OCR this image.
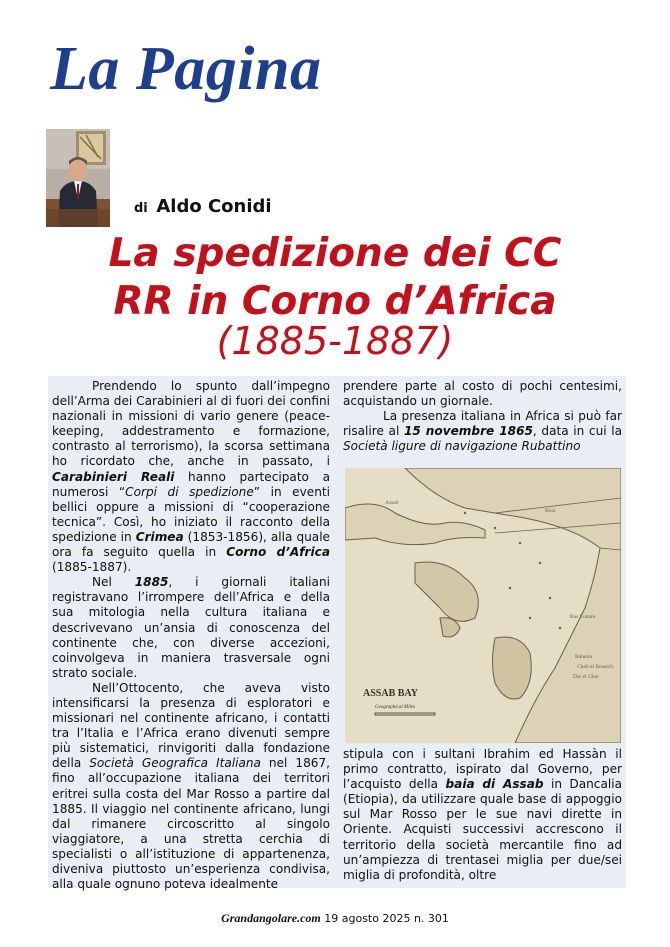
La Pagina
di Aldo Conidi
La spedizione dei CC
RR in Corno d’Africa
(1885-1887)

Prendendo lo spunto dall’impegno dell’Arma dei Carabinieri al di fuori dei confini nazionali in missioni di vario genere (peace-keeping, addestramento e formazione, contrasto al terrorismo), la scorsa settimana ho ricordato che, anche in passato, i Carabinieri Reali hanno partecipato a numerosi “Corpi di spedizione” in eventi bellici oppure a missioni di “cooperazione tecnica”. Così, ho iniziato il racconto della spedizione in Crimea (1853-1856), alla quale ora fa seguito quella in Corno d’Africa (1885-1887).

Nel 1885, i giornali italiani registravano l’irrompere dell’Africa e della sua mitologia nella cultura italiana e descrivevano un’ansia di conoscenza del continente che, con diverse accezioni, coinvolgeva in maniera trasversale ogni strato sociale.

Nell’Ottocento, che aveva visto intensificarsi la presenza di esploratori e missionari nel continente africano, i contatti tra l’Italia e l’Africa erano divenuti sempre più sistematici, rinvigoriti dalla fondazione della Società Geografica Italiana nel 1867, fino all’occupazione italiana dei territori eritrei sulla costa del Mar Rosso a partire dal 1885. Il viaggio nel continente africano, lungi dal rimanere circoscritto al singolo viaggiatore, a una stretta cerchia di specialisti o all’istituzione di appartenenza, diveniva piuttosto un’esperienza condivisa, alla quale ognuno poteva idealmente

prendere parte al costo di pochi centesimi, acquistando un giornale.

La presenza italiana in Africa si può far risalire al 15 novembre 1865, data in cui la Società ligure di navigazione Rubattino

Buia
Assab
Raheita
Ras Lumah
Chab el Bosatch
Dar el Ghar
ASSAB BAY
Geographical Miles

stipula con i sultani Ibrahim ed Hassàn il primo contratto, ispirato dal Governo, per l’acquisto della baia di Assab in Dancalia (Etiopia), da utilizzare quale base di appoggio sul Mar Rosso per le sue navi dirette in Oriente. Acquisti successivi accrescono il territorio della società mercantile fino ad un’ampiezza di trentasei miglia per due/sei miglia di profondità, oltre

Grandangolare.com 19 agosto 2025 n. 301
